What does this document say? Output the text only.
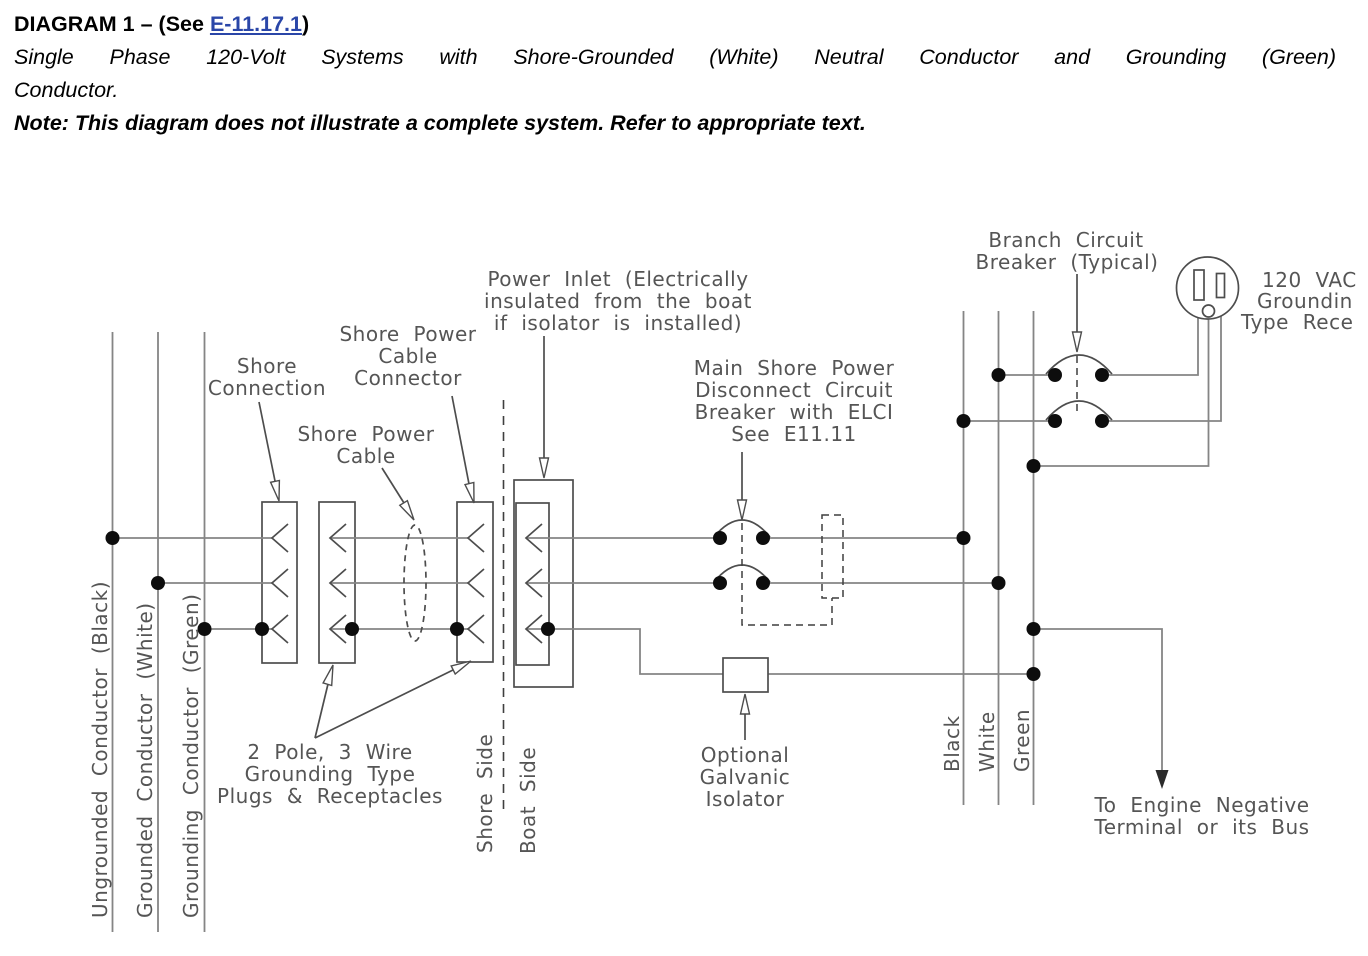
DIAGRAM 1 – (See E-11.17.1)
Single Phase 120-Volt Systems with Shore-Grounded (White) Neutral Conductor and Grounding (Green)
Conductor.
Note: This diagram does not illustrate a complete system. Refer to appropriate text.
Shore
Connection
Shore Power
Cable
Connector
Shore Power
Cable
Power Inlet (Electrically
insulated from the boat
if isolator is installed)
Main Shore Power
Disconnect Circuit
Breaker with ELCI
See E11.11
Branch Circuit
Breaker (Typical)
120 VAC
Groundin
Type Rece
2 Pole, 3 Wire
Grounding Type
Plugs & Receptacles
Optional
Galvanic
Isolator	To Engine Negative
Terminal or its Bus
Shore Side Boat Side
Ungrounded Conductor (Black) Grounded Conductor (White) Grounding Conductor (Green)	Black White Green
